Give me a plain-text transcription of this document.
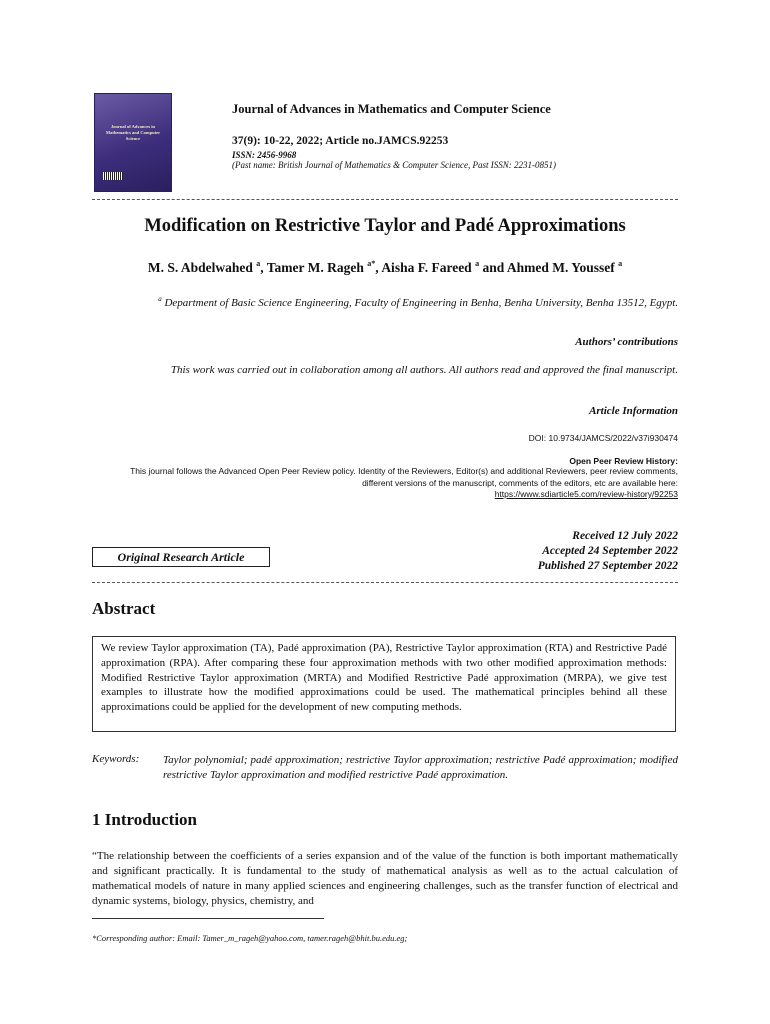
Journal of Advances in Mathematics and Computer Science
Journal of Advances in Mathematics and Computer Science
37(9): 10-22, 2022; Article no.JAMCS.92253
ISSN: 2456-9968
(Past name: British Journal of Mathematics & Computer Science, Past ISSN: 2231-0851)
Modification on Restrictive Taylor and Padé Approximations
M. S. Abdelwahed $^a$, Tamer M. Rageh $^{a*}$, Aisha F. Fareed $^a$ and Ahmed M. Youssef $^a$
$^a$ Department of Basic Science Engineering, Faculty of Engineering in Benha, Benha University, Benha 13512, Egypt.
Authors’ contributions
This work was carried out in collaboration among all authors. All authors read and approved the final manuscript.
Article Information
DOI: 10.9734/JAMCS/2022/v37i930474
Open Peer Review History:
This journal follows the Advanced Open Peer Review policy. Identity of the Reviewers, Editor(s) and additional Reviewers, peer review comments, different versions of the manuscript, comments of the editors, etc are available here:
https://www.sdiarticle5.com/review-history/92253
Received 12 July 2022
Accepted 24 September 2022
Published 27 September 2022
Original Research Article
Abstract
We review Taylor approximation (TA), Padé approximation (PA), Restrictive Taylor approximation (RTA) and Restrictive Padé approximation (RPA). After comparing these four approximation methods with two other modified approximation methods: Modified Restrictive Taylor approximation (MRTA) and Modified Restrictive Padé approximation (MRPA), we give test examples to illustrate how the modified approximations could be used. The mathematical principles behind all these approximations could be applied for the development of new computing methods.
Keywords: Taylor polynomial; padé approximation; restrictive Taylor approximation; restrictive Padé approximation; modified restrictive Taylor approximation and modified restrictive Padé approximation.
1 Introduction
“The relationship between the coefficients of a series expansion and of the value of the function is both important mathematically and significant practically. It is fundamental to the study of mathematical analysis as well as to the actual calculation of mathematical models of nature in many applied sciences and engineering challenges, such as the transfer function of electrical and dynamic systems, biology, physics, chemistry, and
*Corresponding author: Email: Tamer_m_rageh@yahoo.com, tamer.rageh@bhit.bu.edu.eg;
